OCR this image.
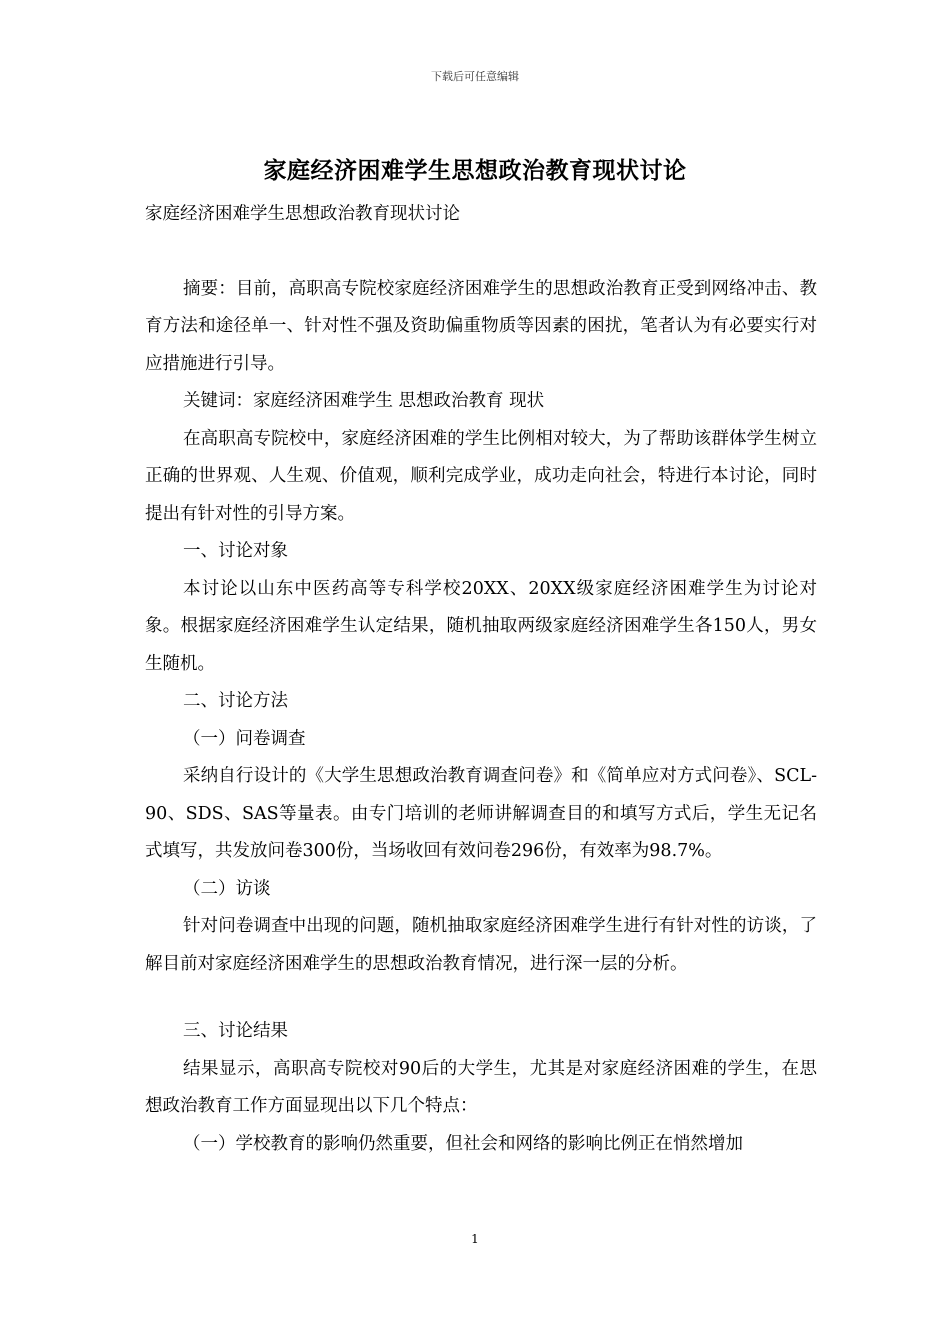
下载后可任意编辑
家庭经济困难学生思想政治教育现状讨论

家庭经济困难学生思想政治教育现状讨论

摘要：目前，高职高专院校家庭经济困难学生的思想政治教育正受到网络冲击、教育方法和途径单一、针对性不强及资助偏重物质等因素的困扰，笔者认为有必要实行对应措施进行引导。

关键词：家庭经济困难学生 思想政治教育 现状

在高职高专院校中，家庭经济困难的学生比例相对较大，为了帮助该群体学生树立正确的世界观、人生观、价值观，顺利完成学业，成功走向社会，特进行本讨论，同时提出有针对性的引导方案。

一、讨论对象

本讨论以山东中医药高等专科学校20XX、20XX级家庭经济困难学生为讨论对象。根据家庭经济困难学生认定结果，随机抽取两级家庭经济困难学生各150人，男女生随机。

二、讨论方法

（一）问卷调查

采纳自行设计的《大学生思想政治教育调查问卷》和《简单应对方式问卷》、SCL-90、SDS、SAS等量表。由专门培训的老师讲解调查目的和填写方式后，学生无记名式填写，共发放问卷300份，当场收回有效问卷296份，有效率为98.7%。

（二）访谈

针对问卷调查中出现的问题，随机抽取家庭经济困难学生进行有针对性的访谈，了解目前对家庭经济困难学生的思想政治教育情况，进行深一层的分析。

三、讨论结果

结果显示，高职高专院校对90后的大学生，尤其是对家庭经济困难的学生，在思想政治教育工作方面显现出以下几个特点：

（一）学校教育的影响仍然重要，但社会和网络的影响比例正在悄然增加

1
